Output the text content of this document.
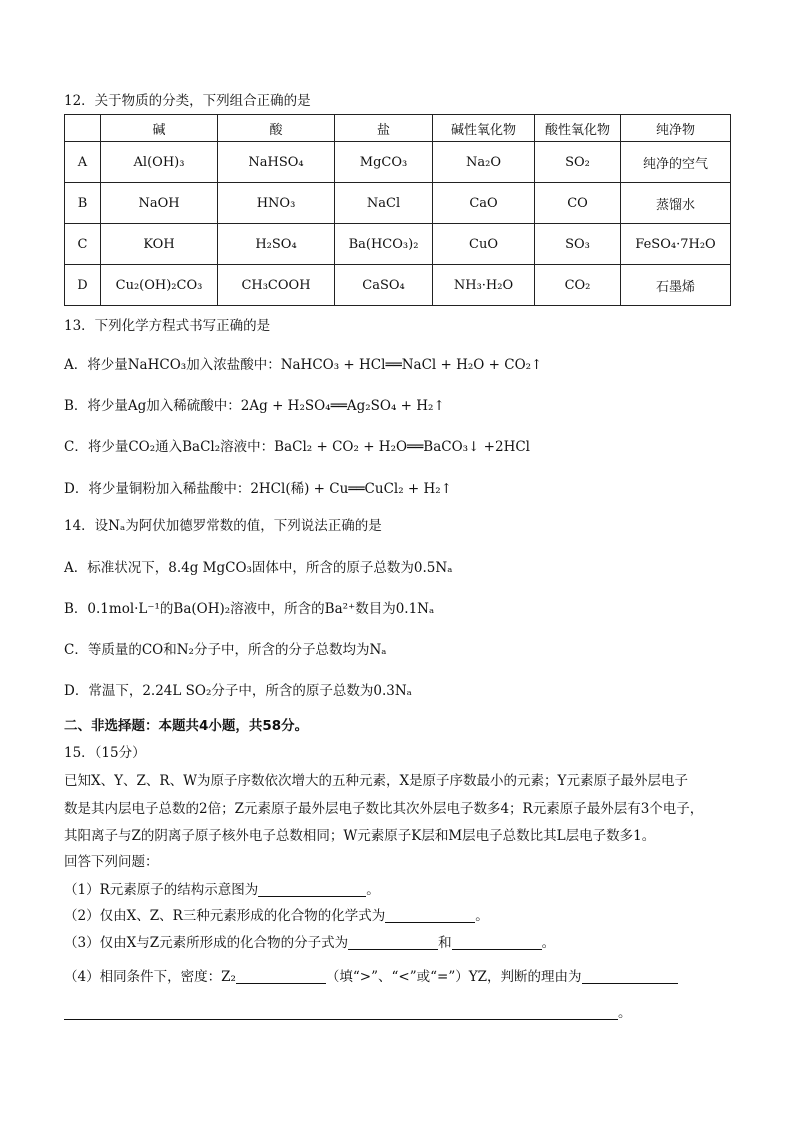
12．关于物质的分类，下列组合正确的是
	碱	酸	盐	碱性氧化物	酸性氧化物	纯净物
A	Al(OH)₃	NaHSO₄	MgCO₃	Na₂O	SO₂	纯净的空气
B	NaOH	HNO₃	NaCl	CaO	CO	蒸馏水
C	KOH	H₂SO₄	Ba(HCO₃)₂	CuO	SO₃	FeSO₄·7H₂O
D	Cu₂(OH)₂CO₃	CH₃COOH	CaSO₄	NH₃·H₂O	CO₂	石墨烯
13．下列化学方程式书写正确的是
A．将少量NaHCO₃加入浓盐酸中：NaHCO₃ + HCl══NaCl + H₂O + CO₂↑
B．将少量Ag加入稀硫酸中：2Ag + H₂SO₄══Ag₂SO₄ + H₂↑
C．将少量CO₂通入BaCl₂溶液中：BaCl₂ + CO₂ + H₂O══BaCO₃↓ +2HCl
D．将少量铜粉加入稀盐酸中：2HCl(稀) + Cu══CuCl₂ + H₂↑
14．设Nₐ为阿伏加德罗常数的值，下列说法正确的是
A．标准状况下，8.4g MgCO₃固体中，所含的原子总数为0.5Nₐ
B．0.1mol·L⁻¹的Ba(OH)₂溶液中，所含的Ba²⁺数目为0.1Nₐ
C．等质量的CO和N₂分子中，所含的分子总数均为Nₐ
D．常温下，2.24L SO₂分子中，所含的原子总数为0.3Nₐ
二、非选择题：本题共4小题，共58分。
15．（15分）
已知X、Y、Z、R、W为原子序数依次增大的五种元素，X是原子序数最小的元素；Y元素原子最外层电子
数是其内层电子总数的2倍；Z元素原子最外层电子数比其次外层电子数多4；R元素原子最外层有3个电子，
其阳离子与Z的阴离子原子核外电子总数相同；W元素原子K层和M层电子总数比其L层电子数多1。
回答下列问题：
（1）R元素原子的结构示意图为	。
（2）仅由X、Z、R三种元素形成的化合物的化学式为	。
（3）仅由X与Z元素所形成的化合物的分子式为	和	。
（4）相同条件下，密度：Z₂	（填“>”、“<”或“=”）YZ，判断的理由为
。
